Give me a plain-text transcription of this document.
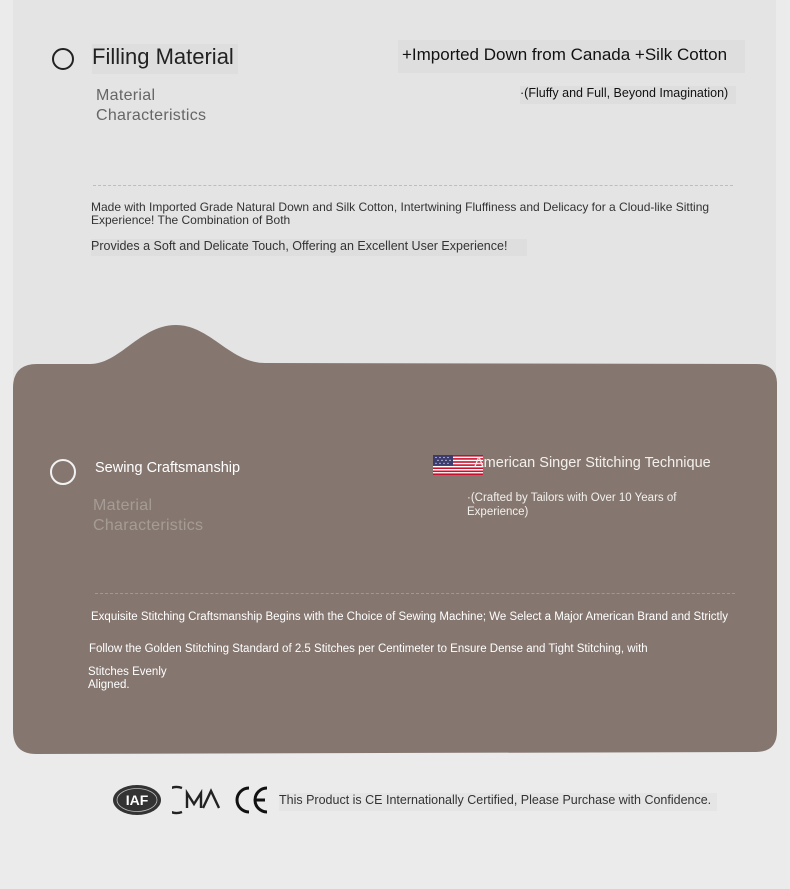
Filling Material
Material Characteristics
+Imported Down from Canada +Silk Cotton
·(Fluffy and Full, Beyond Imagination)
Made with Imported Grade Natural Down and Silk Cotton, Intertwining Fluffiness and Delicacy for a Cloud-like Sitting Experience! The Combination of Both
Provides a Soft and Delicate Touch, Offering an Excellent User Experience!
Sewing Craftsmanship
Material Characteristics
American Singer Stitching Technique
·(Crafted by Tailors with Over 10 Years of Experience)
Exquisite Stitching Craftsmanship Begins with the Choice of Sewing Machine; We Select a Major American Brand and Strictly
Follow the Golden Stitching Standard of 2.5 Stitches per Centimeter to Ensure Dense and Tight Stitching, with
Stitches Evenly Aligned.
IAF
CMA	CE
This Product is CE Internationally Certified, Please Purchase with Confidence.
